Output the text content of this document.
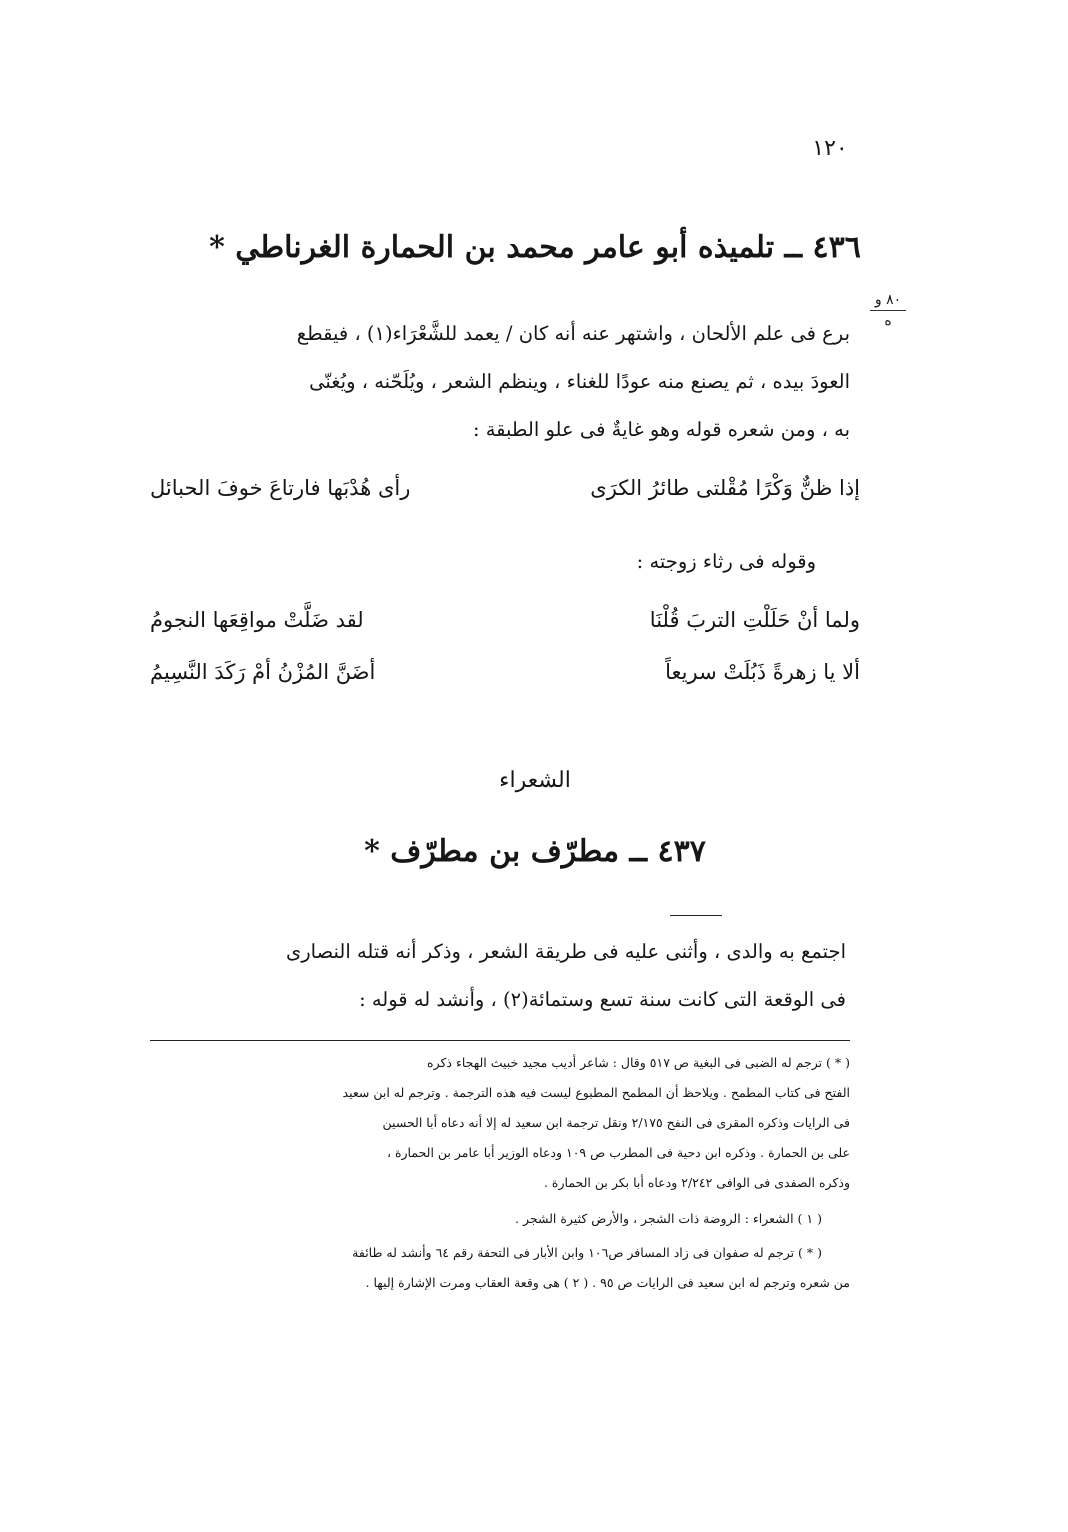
١٢٠
٤٣٦ ــ تلميذه أبو عامر محمد بن الحمارة الغرناطي *
٨٠ و
ه
برع فى علم الألحان ، واشتهر عنه أنه كان / يعمد للشَّعْرَاء(١) ، فيقطع
العودَ بيده ، ثم يصنع منه عودًا للغناء ، وينظم الشعر ، ويُلَحّنه ، ويُغنّى
به ، ومن شعره قوله وهو غايةٌ فى علو الطبقة :
إذا ظنٌّ وَكْرًا مُقْلتى طائرُ الكرَى
رأى هُدْبَها فارتاعَ خوفَ الحبائل
وقوله فى رثاء زوجته :
ولما أنْ حَلَلْتِ التربَ قُلْنَا
لقد ضَلَّتْ مواقِعَها النجومُ
ألا يا زهرةً ذَبُلَتْ سريعاً
أضَنَّ المُزْنُ أمْ رَكَدَ النَّسِيمُ
الشعراء
٤٣٧ ــ مطرّف بن مطرّف *
اجتمع به والدى ، وأثنى عليه فى طريقة الشعر ، وذكر أنه قتله النصارى
فى الوقعة التى كانت سنة تسع وستمائة(٢) ، وأنشد له قوله :
( * ) ترجم له الضبى فى البغية ص ٥١٧ وقال : شاعر أديب مجيد خبيث الهجاء ذكره
الفتح فى كتاب المطمح . ويلاحظ أن المطمح المطبوع ليست فيه هذه الترجمة . وترجم له ابن سعيد
فى الرايات وذكره المقرى فى النفح ٢/١٧٥ ونقل ترجمة ابن سعيد له إلا أنه دعاه أبا الحسين
على بن الحمارة . وذكره ابن دحية فى المطرب ص ١٠٩ ودعاه الوزير أبا عامر بن الحمارة ،
وذكره الصفدى فى الوافى ٢/٢٤٢ ودعاه أبا بكر بن الحمارة .
( ١ ) الشعراء : الروضة ذات الشجر ، والأرض كثيرة الشجر .
( * ) ترجم له صفوان فى زاد المسافر ص١٠٦ وابن الأبار فى التحفة رقم ٦٤ وأنشد له طائفة
من شعره وترجم له ابن سعيد فى الرايات ص ٩٥ . ( ٢ ) هى وقعة العقاب ومرت الإشارة إليها .
